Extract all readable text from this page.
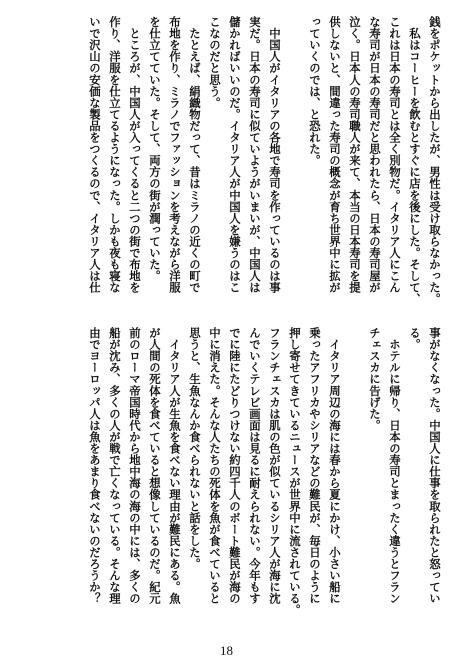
銭をポケットから出したが、男性は受け取らなかった。
　私はコーヒーを飲むとすぐに店を後にした。そして、
これは日本の寿司とは全く別物だ。イタリア人にこん
な寿司が日本の寿司だと思われたら、日本の寿司屋が
泣く。日本人の寿司職人が来て、本当の日本寿司を提
供しないと、間違った寿司の概念が育ち世界中に拡が
っていくのでは、と恐れた。
　中国人がイタリアの各地で寿司を作っているのは事
実だ。日本の寿司に似ていようがいまいが、中国人は
儲かればいいのだ。イタリア人が中国人を嫌うのはこ
こなのだと思う。
　たとえば、絹織物だって、昔はミラノの近くの町で
布地を作り、ミラノでファッションを考えながら洋服
を仕立てていた。そして、両方の街が潤っていた。
　ところが、中国人が入ってくると二つの街で布地を
作り、洋服を仕立てるようになった。しかも夜も寝な
いで沢山の安価な製品をつくるので、イタリア人は仕
事がなくなった。中国人に仕事を取られたと怒ってい
る。
　ホテルに帰り、日本の寿司とまったく違うとフラン
チェスカに告げた。
　イタリア周辺の海には春から夏にかけ、小さい船に
乗ったアフリカやシリアなどの難民が、毎日のように
押し寄せてきているニュースが世界中に流されている。
フランチェスカは肌の色が似ているシリア人が海に沈
んでいくテレビ画面は見るに耐えられない。今年もす
でに陸にたどりつけない約四千人のボート難民が海の
中に消えた。そんな人たちの死体を魚が食べていると
思うと、生魚なんか食べられないと話をした。
　イタリア人が生魚を食べない理由が難民にある。魚
が人間の死体を食べていると想像しているのだ。紀元
前のローマ帝国時代から地中海の海の中には、多くの
船が沈み、多くの人が戦で亡くなっている。そんな理
由でヨーロッパ人は魚をあまり食べないのだろうか？
18
